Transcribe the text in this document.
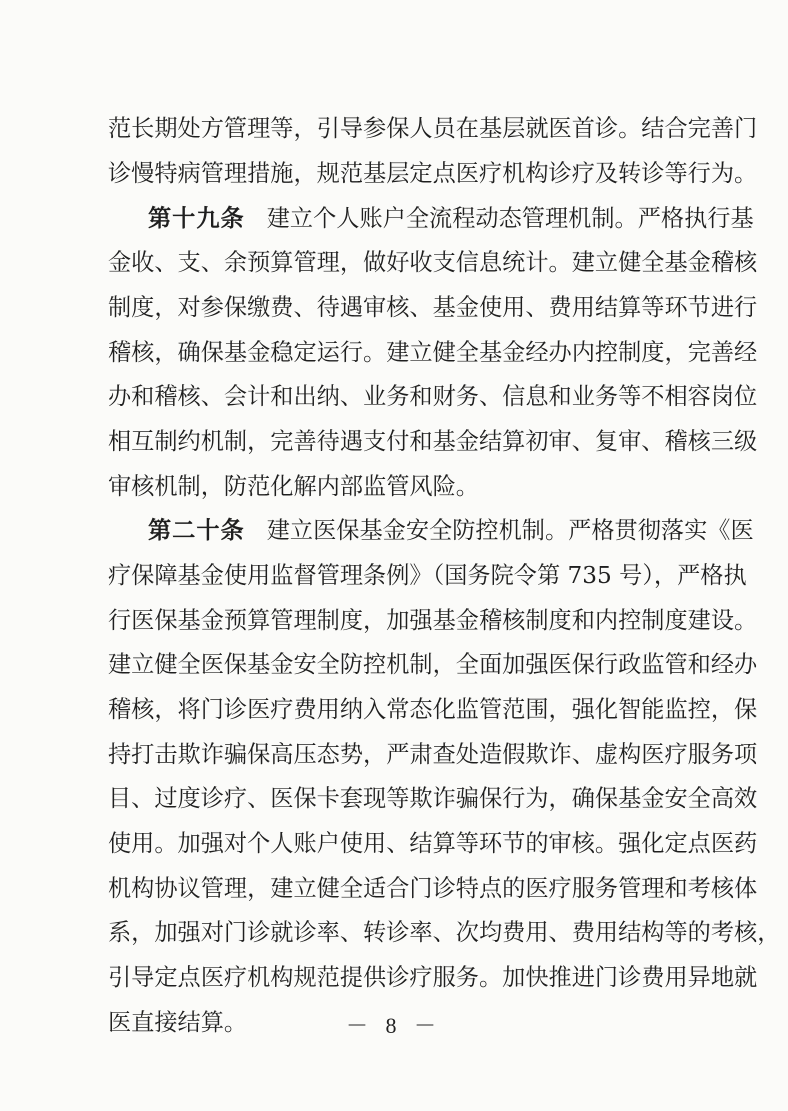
范长期处方管理等，引导参保人员在基层就医首诊。结合完善门
诊慢特病管理措施，规范基层定点医疗机构诊疗及转诊等行为。
第十九条 建立个人账户全流程动态管理机制。严格执行基
金收、支、余预算管理，做好收支信息统计。建立健全基金稽核
制度，对参保缴费、待遇审核、基金使用、费用结算等环节进行
稽核，确保基金稳定运行。建立健全基金经办内控制度，完善经
办和稽核、会计和出纳、业务和财务、信息和业务等不相容岗位
相互制约机制，完善待遇支付和基金结算初审、复审、稽核三级
审核机制，防范化解内部监管风险。
第二十条 建立医保基金安全防控机制。严格贯彻落实《医
疗保障基金使用监督管理条例》（国务院令第 735 号），严格执
行医保基金预算管理制度，加强基金稽核制度和内控制度建设。
建立健全医保基金安全防控机制，全面加强医保行政监管和经办
稽核，将门诊医疗费用纳入常态化监管范围，强化智能监控，保
持打击欺诈骗保高压态势，严肃查处造假欺诈、虚构医疗服务项
目、过度诊疗、医保卡套现等欺诈骗保行为，确保基金安全高效
使用。加强对个人账户使用、结算等环节的审核。强化定点医药
机构协议管理，建立健全适合门诊特点的医疗服务管理和考核体
系，加强对门诊就诊率、转诊率、次均费用、费用结构等的考核，
引导定点医疗机构规范提供诊疗服务。加快推进门诊费用异地就
医直接结算。	－ 8 －
